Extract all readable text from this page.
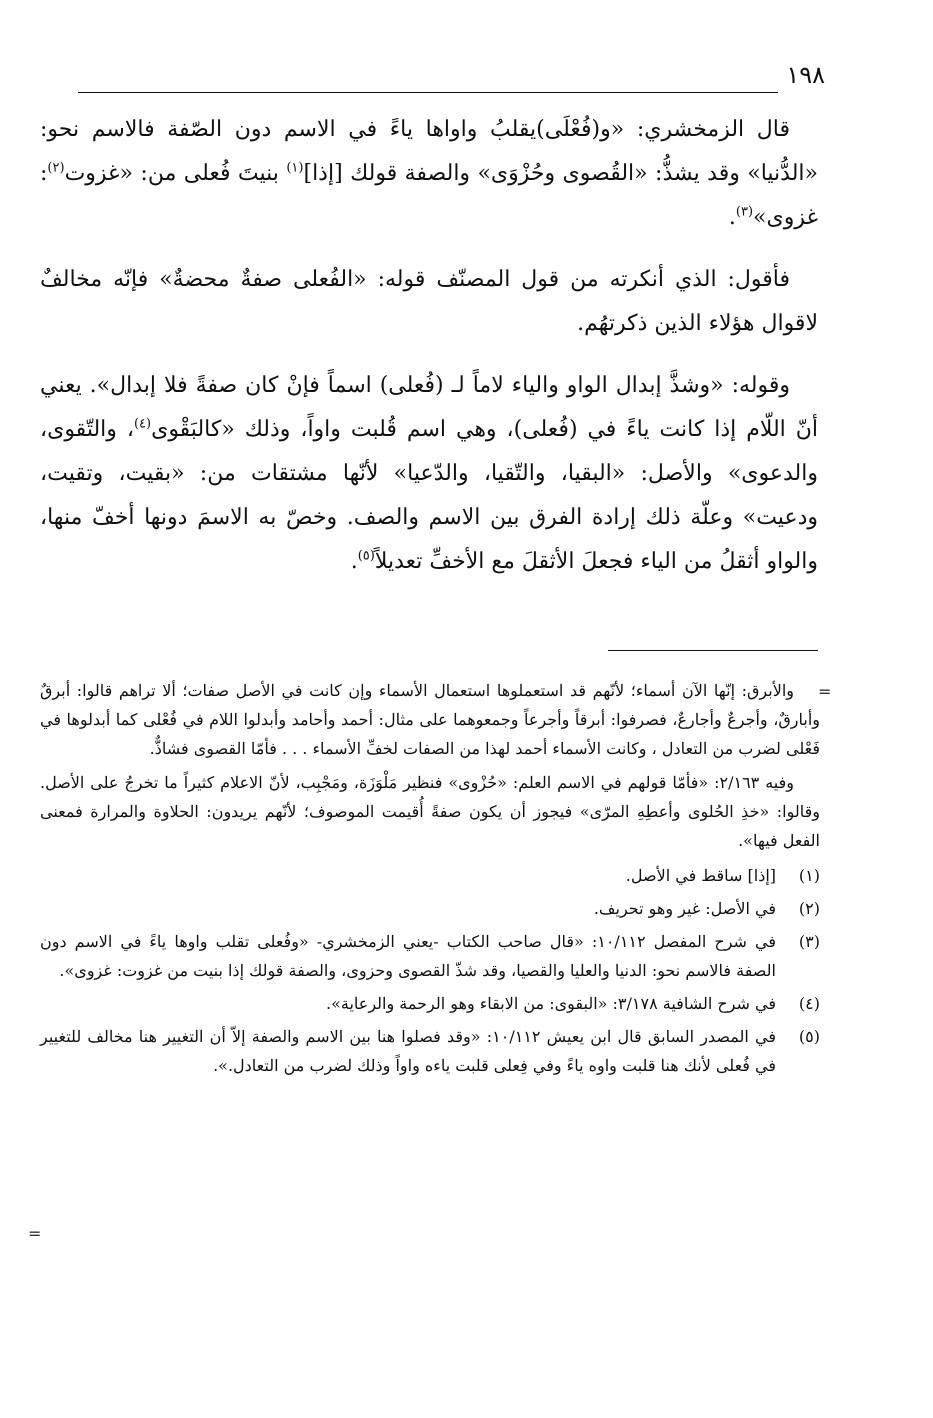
١٩٨

قال الزمخشري: «و(فُعْلَى)يقلبُ واواها ياءً في الاسم دون الصّفة فالاسم نحو: «الدُّنيا» وقد يشذُّ: «القُصوى وحُزْوَى» والصفة قولك [إذا]$^{(١)}$ بنيتَ فُعلى من: «غزوت$^{(٢)}$: غزوى»$^{(٣)}$.

فأقول: الذي أنكرته من قول المصنّف قوله: «الفُعلى صفةٌ محضةٌ» فإنّه مخالفٌ لاقوال هؤلاء الذين ذكرتهُم.

وقوله: «وشذَّ إبدال الواو والياء لاماً لـ (فُعلى) اسماً فإنْ كان صفةً فلا إبدال». يعني أنّ اللّام إذا كانت ياءً في (فُعلى)، وهي اسم قُلبت واواً، وذلك «كالبَقْوى$^{(٤)}$، والتّقوى، والدعوى» والأصل: «البقيا، والتّقيا، والدّعيا» لأنّها مشتقات من: «بقيت، وتقيت، ودعيت» وعلّة ذلك إرادة الفرق بين الاسم والصف. وخصّ به الاسمَ دونها أخفّ منها، والواو أثقلُ من الياء فجعلَ الأثقلَ مع الأخفِّ تعديلاً$^{(٥)}$.

=

والأبرق: إنّها الآن أسماء؛ لأنّهم قد استعملوها استعمال الأسماء وإن كانت في الأصل صفات؛ ألا تراهم قالوا: أبرقٌ وأبارقٌ، وأجرعٌ وأجارعٌ، فصرفوا: أبرقاً وأجرعاً وجمعوهما على مثال: أحمد وأحامد وأبدلوا اللام في فُعْلى كما أبدلوها في فَعْلى لضرب من التعادل ، وكانت الأسماء أحمد لهذا من الصفات لخفِّ الأسماء . . . فأمّا القصوى فشاذٌّ.

وفيه ٢/١٦٣: «فأمّا قولهم في الاسم العلم: «حُزْوى» فنظير مَلْوَزَة، ومَجْبِب، لأنّ الاعلام كثيراً ما تخرجُ على الأصل. وقالوا: «خذِ الحُلوى وأعطِهِ المرّى» فيجوز أن يكون صفةً أُقيمت الموصوف؛ لأنّهم يريدون: الحلاوة والمرارة فمعنى الفعل فيها».

(١)
[إذا] ساقط في الأصل.
(٢)
في الأصل: غير وهو تحريف.
(٣)
في شرح المفصل ١٠/١١٢: «قال صاحب الكتاب -يعني الزمخشري- «وفُعلى تقلب واوها ياءً في الاسم دون الصفة فالاسم نحو: الدنيا والعليا والقصيا، وقد شذّ القصوى وحزوى، والصفة قولك إذا بنيت من غزوت: غزوى».
(٤)
في شرح الشافية ٣/١٧٨: «البقوى: من الابقاء وهو الرحمة والرعاية».
(٥)
في المصدر السابق قال ابن يعيش ١٠/١١٢: «وقد فصلوا هنا بين الاسم والصفة إلاّ أن التغيير هنا مخالف للتغيير في فُعلى لأنك هنا قلبت واوه ياءً وفي فِعلى قلبت ياءه واواً وذلك لضرب من التعادل.».
=
